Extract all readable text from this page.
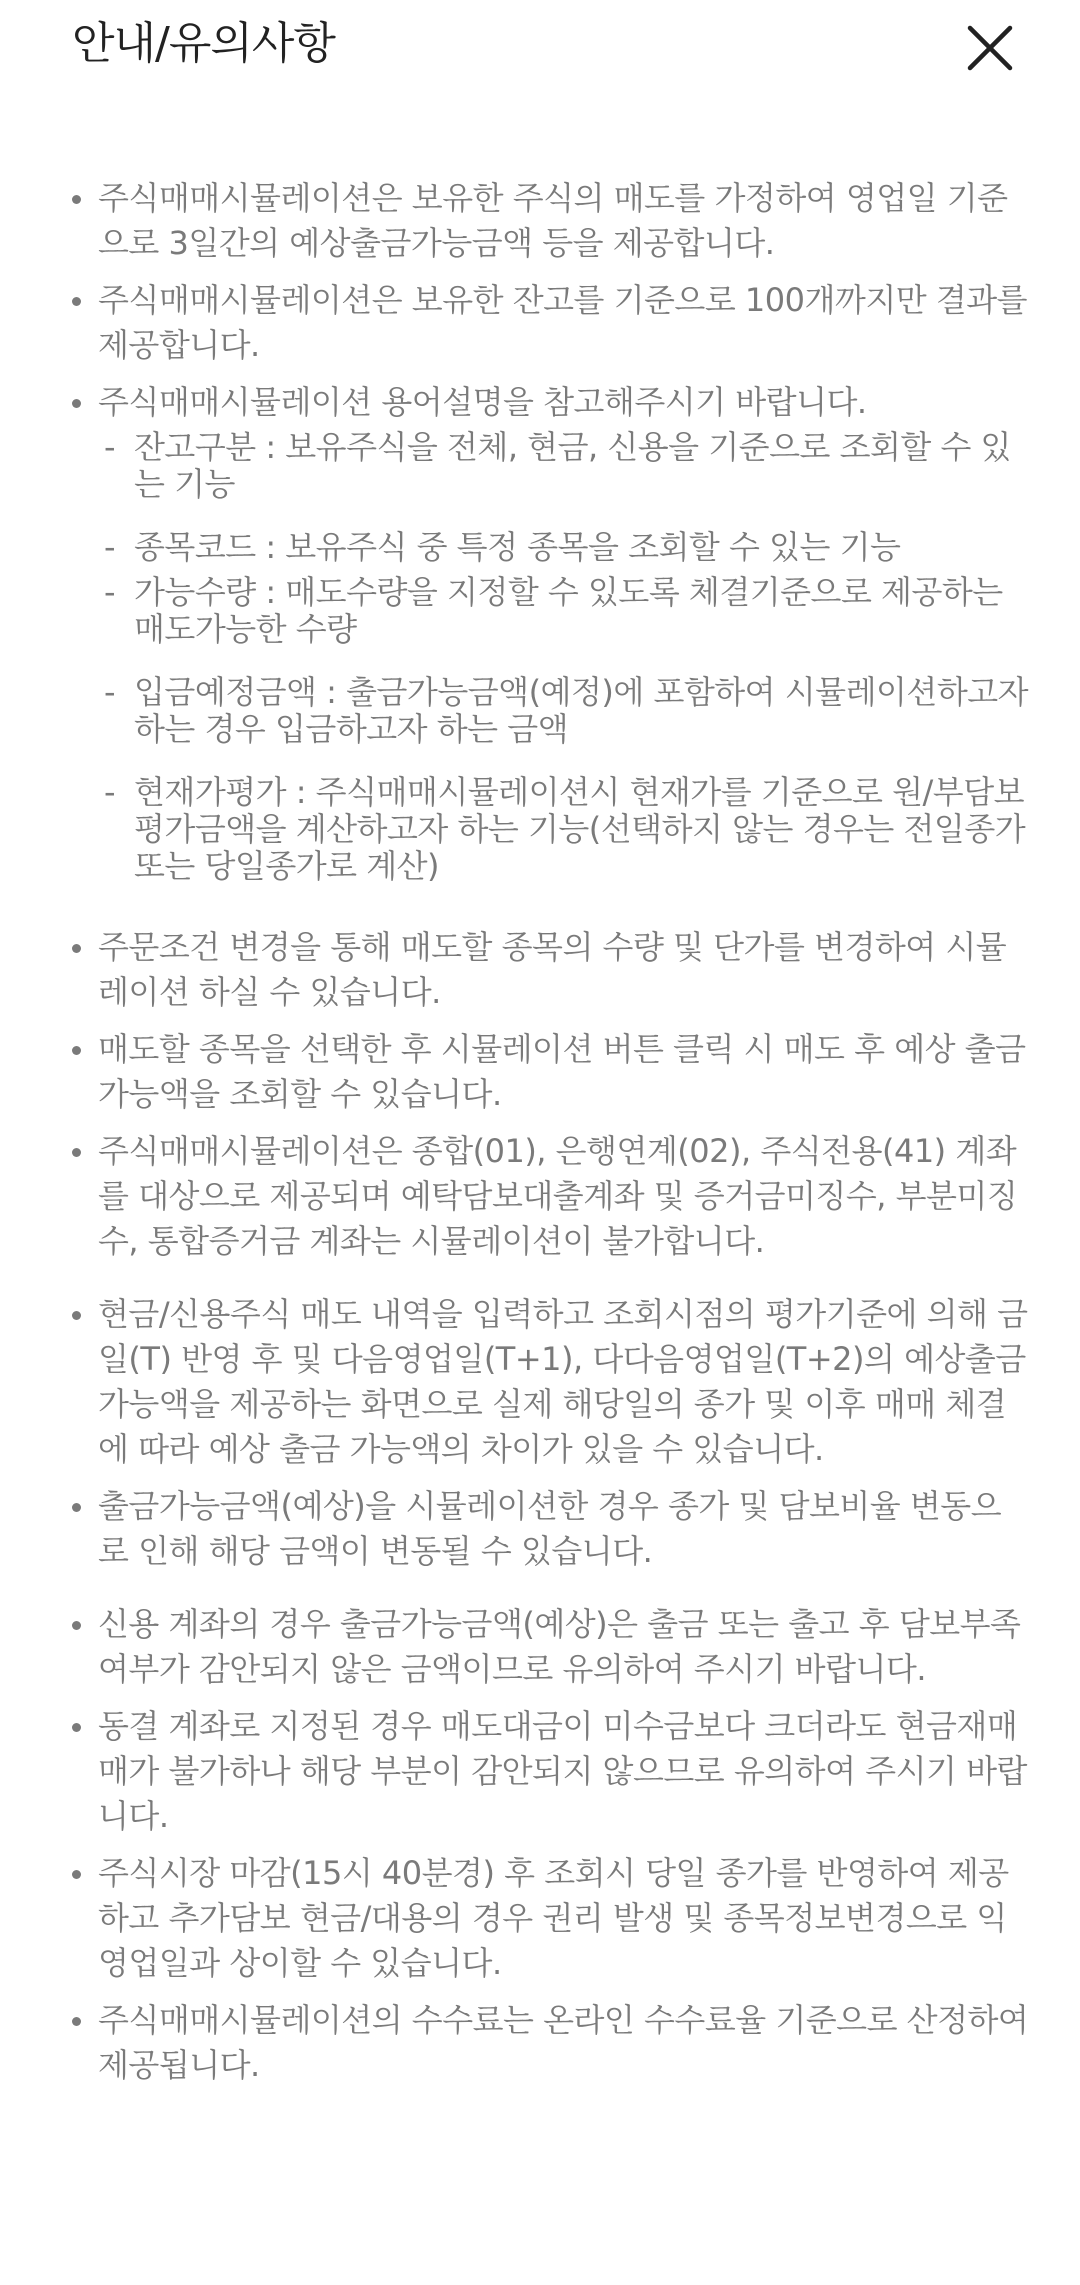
안내/유의사항
주식매매시뮬레이션은 보유한 주식의 매도를 가정하여 영업일 기준으로 3일간의 예상출금가능금액 등을 제공합니다.
주식매매시뮬레이션은 보유한 잔고를 기준으로 100개까지만 결과를 제공합니다.
주식매매시뮬레이션 용어설명을 참고해주시기 바랍니다.
- 잔고구분 : 보유주식을 전체, 현금, 신용을 기준으로 조회할 수 있는 기능
- 종목코드 : 보유주식 중 특정 종목을 조회할 수 있는 기능
- 가능수량 : 매도수량을 지정할 수 있도록 체결기준으로 제공하는 매도가능한 수량
- 입금예정금액 : 출금가능금액(예정)에 포함하여 시뮬레이션하고자 하는 경우 입금하고자 하는 금액
- 현재가평가 : 주식매매시뮬레이션시 현재가를 기준으로 원/부담보 평가금액을 계산하고자 하는 기능(선택하지 않는 경우는 전일종가 또는 당일종가로 계산)
주문조건 변경을 통해 매도할 종목의 수량 및 단가를 변경하여 시뮬레이션 하실 수 있습니다.
매도할 종목을 선택한 후 시뮬레이션 버튼 클릭 시 매도 후 예상 출금가능액을 조회할 수 있습니다.
주식매매시뮬레이션은 종합(01), 은행연계(02), 주식전용(41) 계좌를 대상으로 제공되며 예탁담보대출계좌 및 증거금미징수, 부분미징수, 통합증거금 계좌는 시뮬레이션이 불가합니다.
현금/신용주식 매도 내역을 입력하고 조회시점의 평가기준에 의해 금일(T) 반영 후 및 다음영업일(T+1), 다다음영업일(T+2)의 예상출금가능액을 제공하는 화면으로 실제 해당일의 종가 및 이후 매매 체결에 따라 예상 출금 가능액의 차이가 있을 수 있습니다.
출금가능금액(예상)을 시뮬레이션한 경우 종가 및 담보비율 변동으로 인해 해당 금액이 변동될 수 있습니다.
신용 계좌의 경우 출금가능금액(예상)은 출금 또는 출고 후 담보부족여부가 감안되지 않은 금액이므로 유의하여 주시기 바랍니다.
동결 계좌로 지정된 경우 매도대금이 미수금보다 크더라도 현금재매매가 불가하나 해당 부분이 감안되지 않으므로 유의하여 주시기 바랍니다.
주식시장 마감(15시 40분경) 후 조회시 당일 종가를 반영하여 제공하고 추가담보 현금/대용의 경우 권리 발생 및 종목정보변경으로 익영업일과 상이할 수 있습니다.
주식매매시뮬레이션의 수수료는 온라인 수수료율 기준으로 산정하여 제공됩니다.
